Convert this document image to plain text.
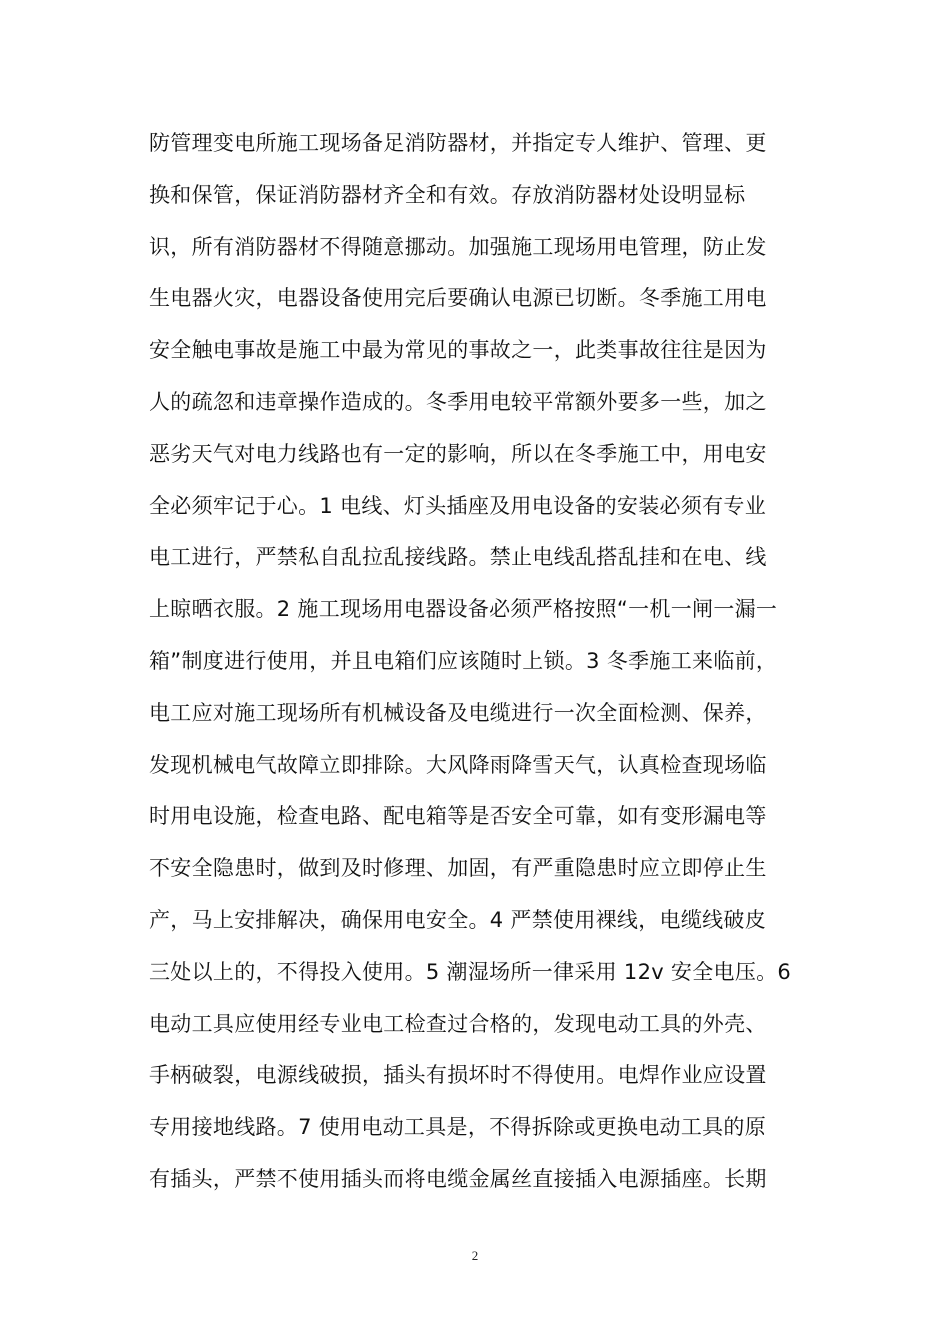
防管理变电所施工现场备足消防器材，并指定专人维护、管理、更
换和保管，保证消防器材齐全和有效。存放消防器材处设明显标
识，所有消防器材不得随意挪动。加强施工现场用电管理，防止发
生电器火灾，电器设备使用完后要确认电源已切断。冬季施工用电
安全触电事故是施工中最为常见的事故之一，此类事故往往是因为
人的疏忽和违章操作造成的。冬季用电较平常额外要多一些，加之
恶劣天气对电力线路也有一定的影响，所以在冬季施工中，用电安
全必须牢记于心。1 电线、灯头插座及用电设备的安装必须有专业
电工进行，严禁私自乱拉乱接线路。禁止电线乱搭乱挂和在电、线
上晾晒衣服。2 施工现场用电器设备必须严格按照“一机一闸一漏一
箱”制度进行使用，并且电箱们应该随时上锁。3 冬季施工来临前，
电工应对施工现场所有机械设备及电缆进行一次全面检测、保养，
发现机械电气故障立即排除。大风降雨降雪天气，认真检查现场临
时用电设施，检查电路、配电箱等是否安全可靠，如有变形漏电等
不安全隐患时，做到及时修理、加固，有严重隐患时应立即停止生
产，马上安排解决，确保用电安全。4 严禁使用裸线，电缆线破皮
三处以上的，不得投入使用。5 潮湿场所一律采用 12v 安全电压。6
电动工具应使用经专业电工检查过合格的，发现电动工具的外壳、
手柄破裂，电源线破损，插头有损坏时不得使用。电焊作业应设置
专用接地线路。7 使用电动工具是，不得拆除或更换电动工具的原
有插头，严禁不使用插头而将电缆金属丝直接插入电源插座。长期
2
